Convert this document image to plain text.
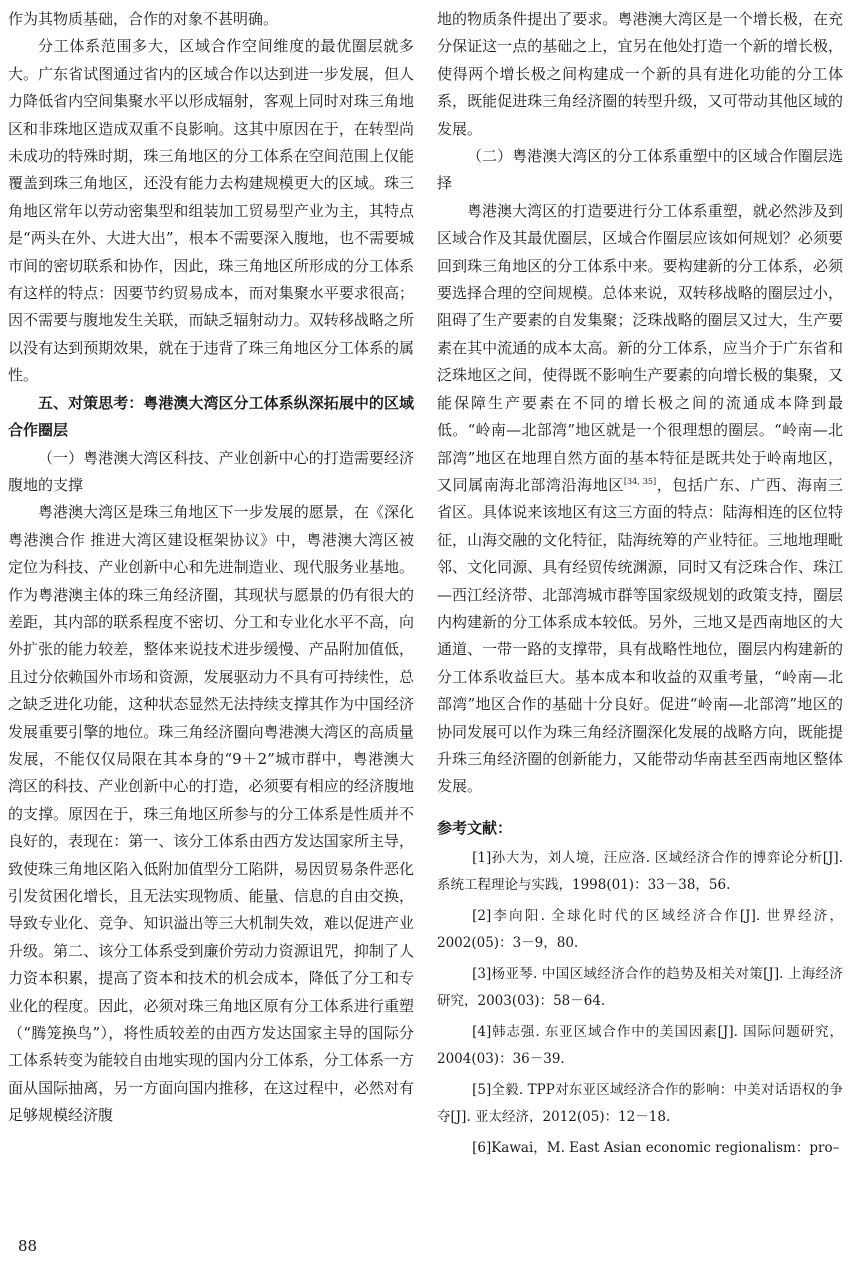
作为其物质基础，合作的对象不甚明确。

分工体系范围多大，区域合作空间维度的最优圈层就多大。广东省试图通过省内的区域合作以达到进一步发展，但人力降低省内空间集聚水平以形成辐射，客观上同时对珠三角地区和非珠地区造成双重不良影响。这其中原因在于，在转型尚未成功的特殊时期，珠三角地区的分工体系在空间范围上仅能覆盖到珠三角地区，还没有能力去构建规模更大的区域。珠三角地区常年以劳动密集型和组装加工贸易型产业为主，其特点是“两头在外、大进大出”，根本不需要深入腹地，也不需要城市间的密切联系和协作，因此，珠三角地区所形成的分工体系有这样的特点：因要节约贸易成本，而对集聚水平要求很高；因不需要与腹地发生关联，而缺乏辐射动力。双转移战略之所以没有达到预期效果，就在于违背了珠三角地区分工体系的属性。

五、对策思考：粤港澳大湾区分工体系纵深拓展中的区域合作圈层
（一）粤港澳大湾区科技、产业创新中心的打造需要经济腹地的支撑

粤港澳大湾区是珠三角地区下一步发展的愿景，在《深化粤港澳合作 推进大湾区建设框架协议》中，粤港澳大湾区被定位为科技、产业创新中心和先进制造业、现代服务业基地。作为粤港澳主体的珠三角经济圈，其现状与愿景的仍有很大的差距，其内部的联系程度不密切、分工和专业化水平不高，向外扩张的能力较差，整体来说技术进步缓慢、产品附加值低，且过分依赖国外市场和资源，发展驱动力不具有可持续性，总之缺乏进化功能，这种状态显然无法持续支撑其作为中国经济发展重要引擎的地位。珠三角经济圈向粤港澳大湾区的高质量发展，不能仅仅局限在其本身的“9＋2”城市群中，粤港澳大湾区的科技、产业创新中心的打造，必须要有相应的经济腹地的支撑。原因在于，珠三角地区所参与的分工体系是性质并不良好的，表现在：第一、该分工体系由西方发达国家所主导，致使珠三角地区陷入低附加值型分工陷阱，易因贸易条件恶化引发贫困化增长，且无法实现物质、能量、信息的自由交换，导致专业化、竞争、知识溢出等三大机制失效，难以促进产业升级。第二、该分工体系受到廉价劳动力资源诅咒，抑制了人力资本积累，提高了资本和技术的机会成本，降低了分工和专业化的程度。因此，必须对珠三角地区原有分工体系进行重塑（“腾笼换鸟”），将性质较差的由西方发达国家主导的国际分工体系转变为能较自由地实现的国内分工体系，分工体系一方面从国际抽离，另一方面向国内推移，在这过程中，必然对有足够规模经济腹

地的物质条件提出了要求。粤港澳大湾区是一个增长极，在充分保证这一点的基础之上，宜另在他处打造一个新的增长极，使得两个增长极之间构建成一个新的具有进化功能的分工体系，既能促进珠三角经济圈的转型升级，又可带动其他区域的发展。

（二）粤港澳大湾区的分工体系重塑中的区域合作圈层选择

粤港澳大湾区的打造要进行分工体系重塑，就必然涉及到区域合作及其最优圈层，区域合作圈层应该如何规划？必须要回到珠三角地区的分工体系中来。要构建新的分工体系，必须要选择合理的空间规模。总体来说，双转移战略的圈层过小，阻碍了生产要素的自发集聚；泛珠战略的圈层又过大，生产要素在其中流通的成本太高。新的分工体系，应当介于广东省和泛珠地区之间，使得既不影响生产要素的向增长极的集聚，又能保障生产要素在不同的增长极之间的流通成本降到最低。“岭南—北部湾”地区就是一个很理想的圈层。“岭南—北部湾”地区在地理自然方面的基本特征是既共处于岭南地区，又同属南海北部湾沿海地区[34, 35]，包括广东、广西、海南三省区。具体说来该地区有这三方面的特点：陆海相连的区位特征，山海交融的文化特征，陆海统筹的产业特征。三地地理毗邻、文化同源、具有经贸传统渊源，同时又有泛珠合作、珠江—西江经济带、北部湾城市群等国家级规划的政策支持，圈层内构建新的分工体系成本较低。另外，三地又是西南地区的大通道、一带一路的支撑带，具有战略性地位，圈层内构建新的分工体系收益巨大。基本成本和收益的双重考量，“岭南—北部湾”地区合作的基础十分良好。促进“岭南—北部湾”地区的协同发展可以作为珠三角经济圈深化发展的战略方向，既能提升珠三角经济圈的创新能力，又能带动华南甚至西南地区整体发展。

参考文献：

[1]孙大为，刘人境，汪应洛. 区域经济合作的博弈论分析[J]. 系统工程理论与实践，1998(01)：33－38，56.

[2]李向阳. 全球化时代的区域经济合作[J]. 世界经济，2002(05)：3－9，80.

[3]杨亚琴. 中国区域经济合作的趋势及相关对策[J]. 上海经济研究，2003(03)：58－64.

[4]韩志强. 东亚区域合作中的美国因素[J]. 国际问题研究，2004(03)：36－39.

[5]全毅. TPP对东亚区域经济合作的影响：中美对话语权的争夺[J]. 亚太经济，2012(05)：12－18.

[6]Kawai，M. East Asian economic regionalism：pro–

88
